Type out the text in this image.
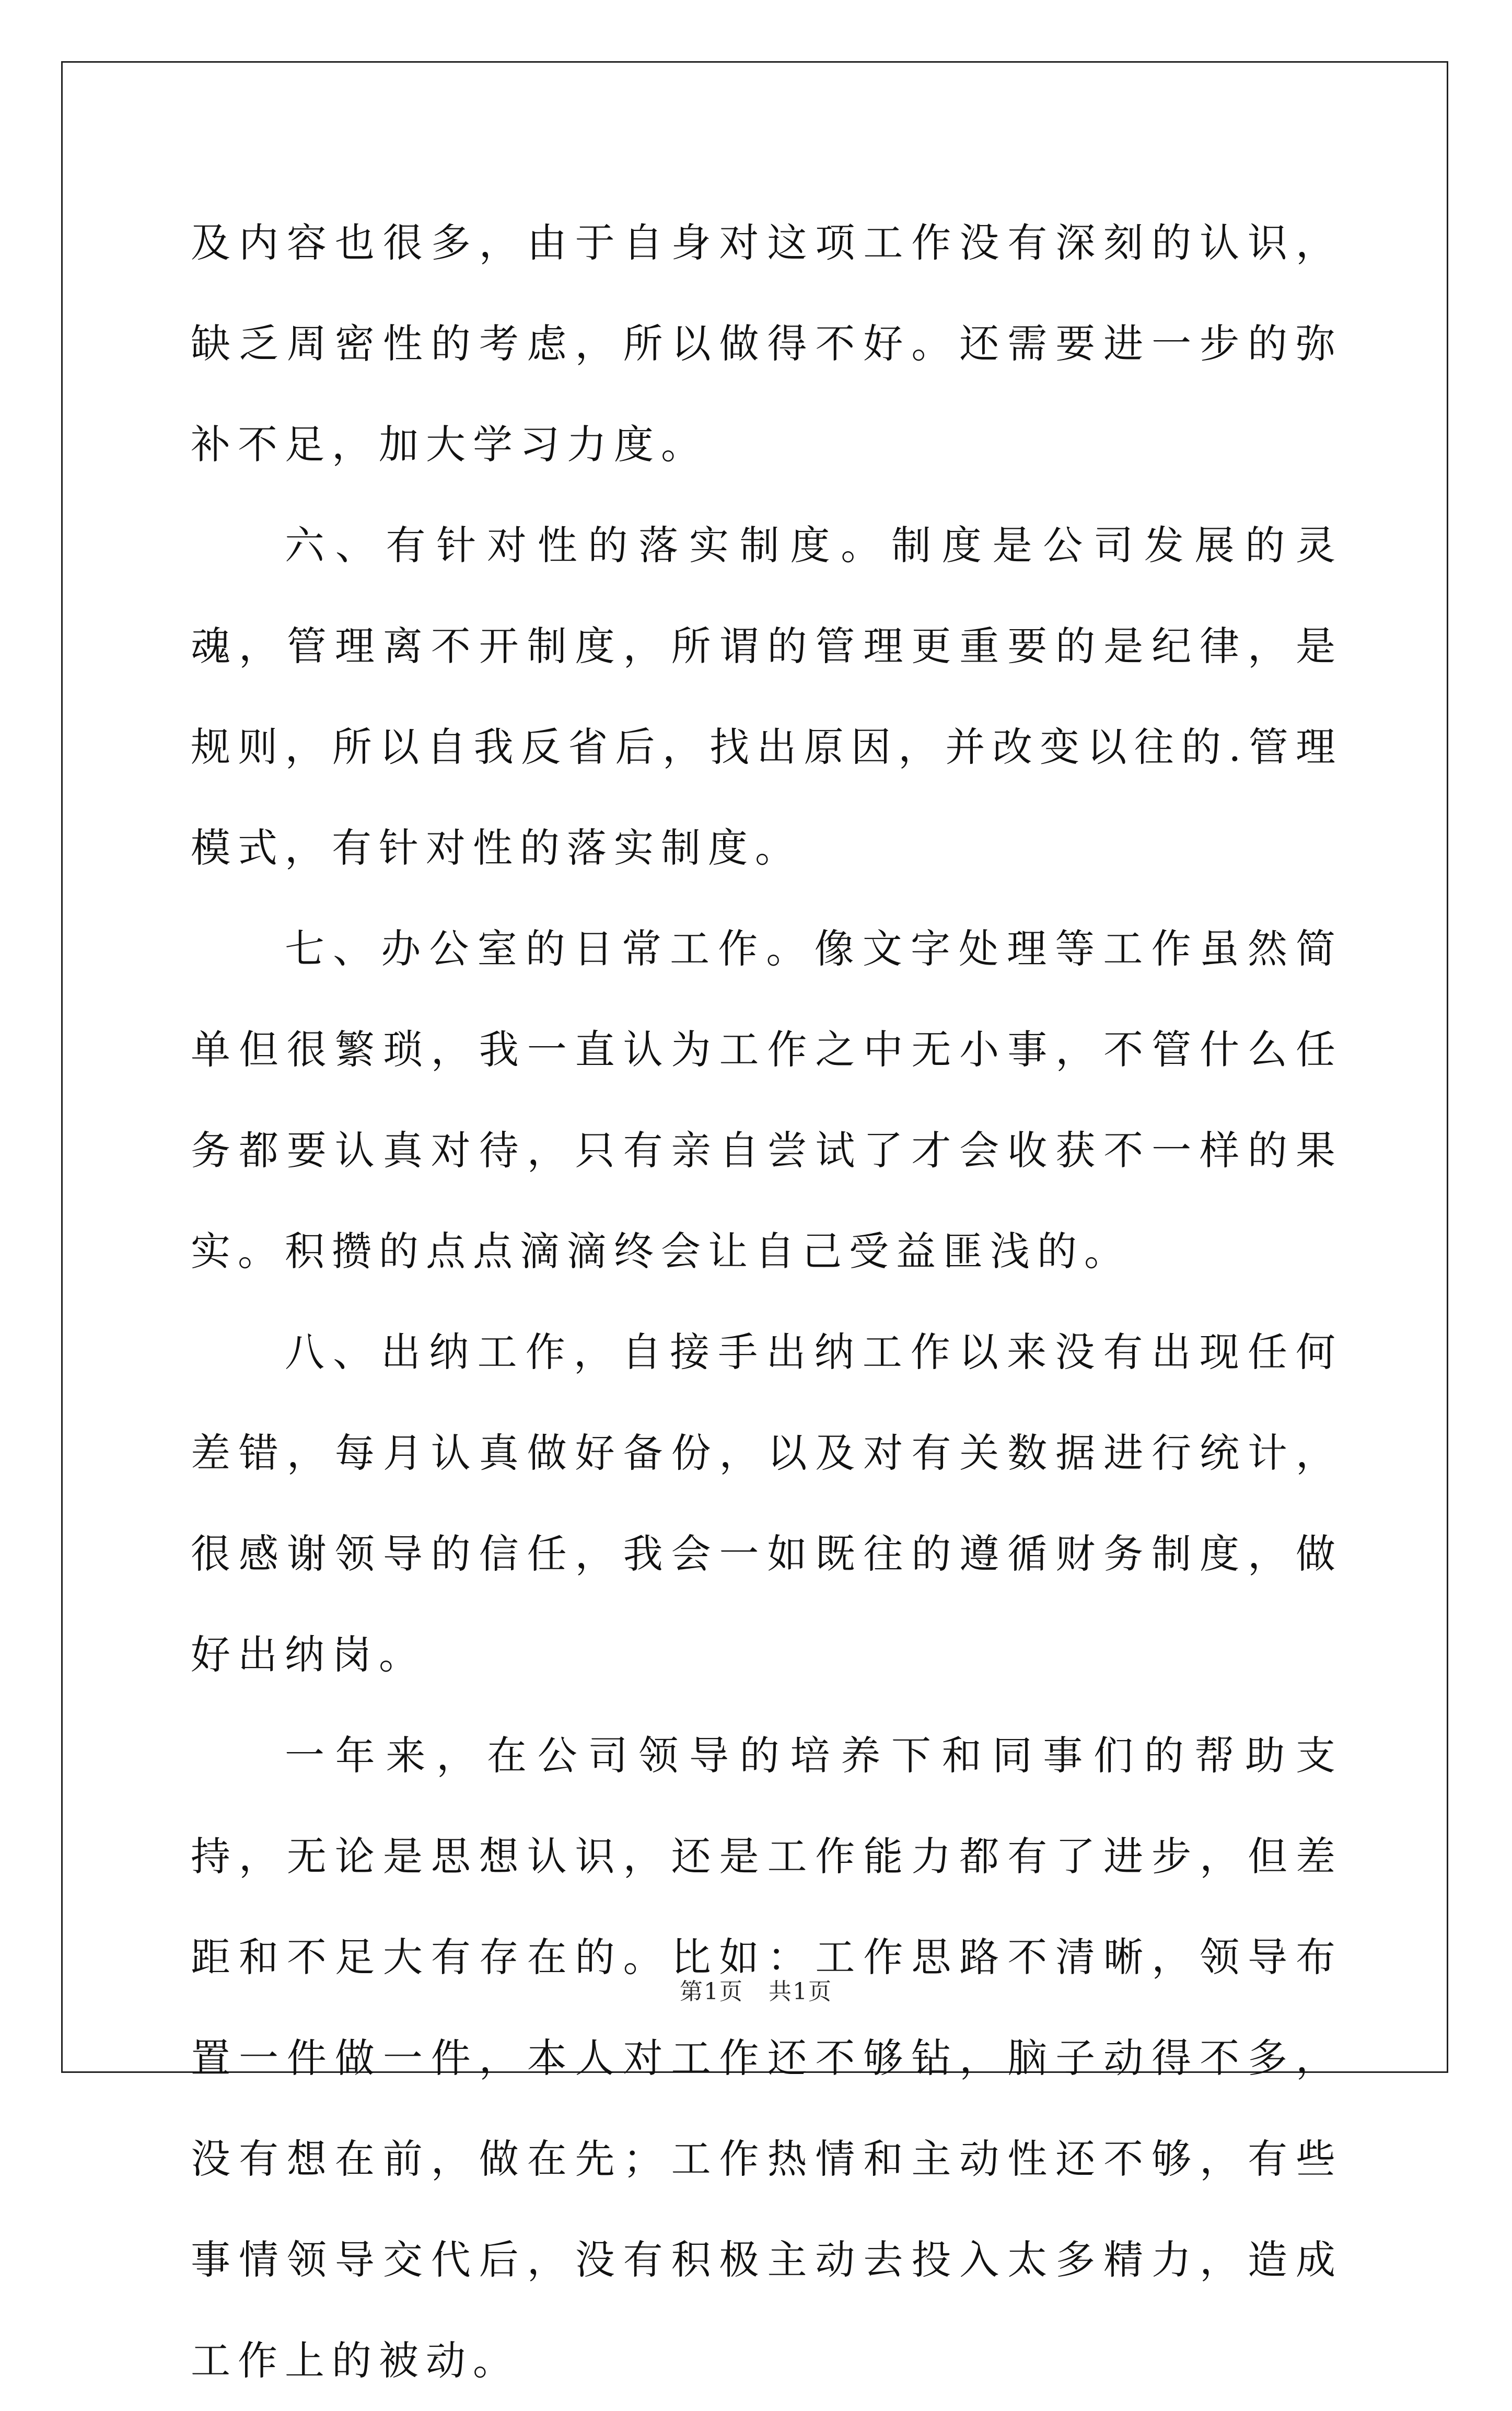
及内容也很多，由于自身对这项工作没有深刻的认识，缺乏周密性的考虑，所以做得不好。还需要进一步的弥补不足，加大学习力度。

六、有针对性的落实制度。制度是公司发展的灵魂，管理离不开制度，所谓的管理更重要的是纪律，是规则，所以自我反省后，找出原因，并改变以往的.管理模式，有针对性的落实制度。

七、办公室的日常工作。像文字处理等工作虽然简单但很繁琐，我一直认为工作之中无小事，不管什么任务都要认真对待，只有亲自尝试了才会收获不一样的果实。积攒的点点滴滴终会让自己受益匪浅的。

八、出纳工作，自接手出纳工作以来没有出现任何差错，每月认真做好备份，以及对有关数据进行统计，很感谢领导的信任，我会一如既往的遵循财务制度，做好出纳岗。

一年来，在公司领导的培养下和同事们的帮助支持，无论是思想认识，还是工作能力都有了进步，但差距和不足大有存在的。比如：工作思路不清晰，领导布置一件做一件，本人对工作还不够钻，脑子动得不多，没有想在前，做在先；工作热情和主动性还不够，有些事情领导交代后，没有积极主动去投入太多精力，造成工作上的被动。

第1页 共1页
